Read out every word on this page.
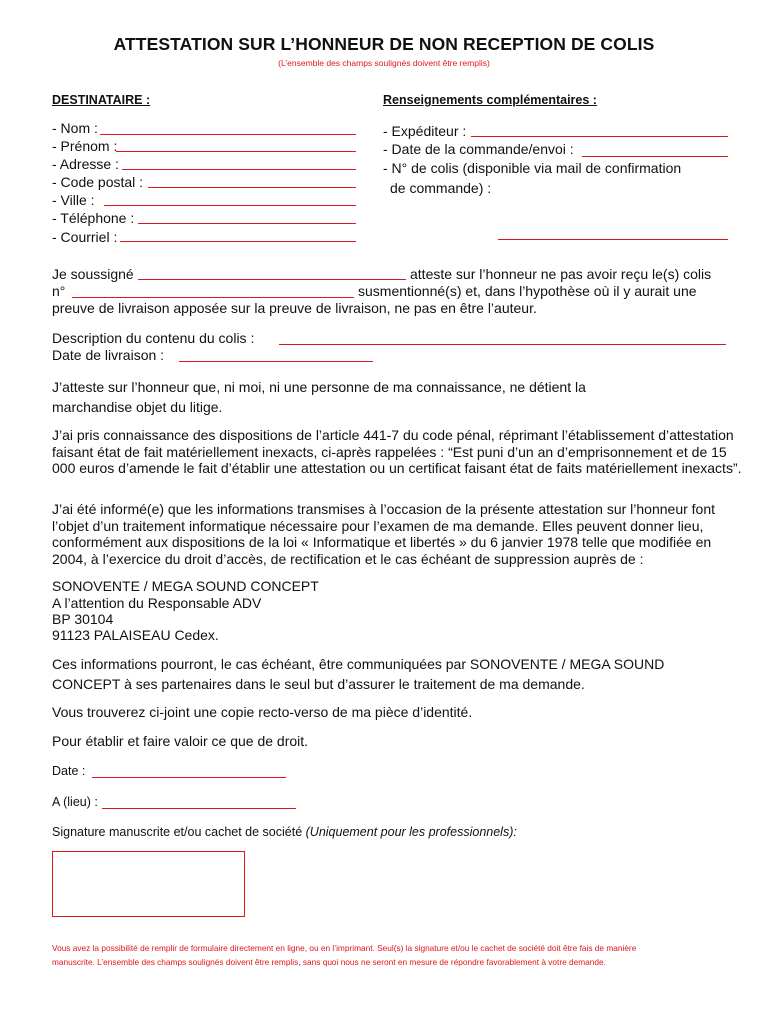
ATTESTATION SUR L’HONNEUR DE NON RECEPTION DE COLIS
(L’ensemble des champs soulignés doivent être remplis)
DESTINATAIRE :
- Nom :
- Prénom :
- Adresse :
- Code postal :
- Ville :
- Téléphone :
- Courriel :
Renseignements complémentaires :
- Expéditeur :
- Date de la commande/envoi :
- N° de colis (disponible via mail de confirmation
de commande) :
Je soussigné	atteste sur l’honneur ne pas avoir reçu le(s) colis
n°	susmentionné(s) et, dans l’hypothèse où il y aurait une
preuve de livraison apposée sur la preuve de livraison, ne pas en être l’auteur.
Description du contenu du colis :
Date de livraison :
J’atteste sur l’honneur que, ni moi, ni une personne de ma connaissance, ne détient la
marchandise objet du litige.
J’ai pris connaissance des dispositions de l’article 441-7 du code pénal, réprimant l’établissement d’attestation faisant état de fait matériellement inexacts, ci-après rappelées : “Est puni d’un an d’emprisonnement et de 15 000 euros d’amende le fait d’établir une attestation ou un certificat faisant état de faits matériellement inexacts”.
J’ai été informé(e) que les informations transmises à l’occasion de la présente attestation sur l’honneur font l’objet d’un traitement informatique nécessaire pour l’examen de ma demande. Elles peuvent donner lieu, conformément aux dispositions de la loi « Informatique et libertés » du 6 janvier 1978 telle que modifiée en 2004, à l’exercice du droit d’accès, de rectification et le cas échéant de suppression auprès de :
SONOVENTE / MEGA SOUND CONCEPT
A l’attention du Responsable ADV
BP 30104
91123 PALAISEAU Cedex.
Ces informations pourront, le cas échéant, être communiquées par SONOVENTE / MEGA SOUND
CONCEPT à ses partenaires dans le seul but d’assurer le traitement de ma demande.
Vous trouverez ci-joint une copie recto-verso de ma pièce d’identité.
Pour établir et faire valoir ce que de droit.
Date :
A (lieu) :
Signature manuscrite et/ou cachet de société (Uniquement pour les professionnels):
Vous avez la possibilité de remplir de formulaire directement en ligne, ou en l’imprimant. Seul(s) la signature et/ou le cachet de société doit être fais de manière
manuscrite. L’ensemble des champs soulignés doivent être remplis, sans quoi nous ne seront en mesure de répondre favorablement à votre demande.
